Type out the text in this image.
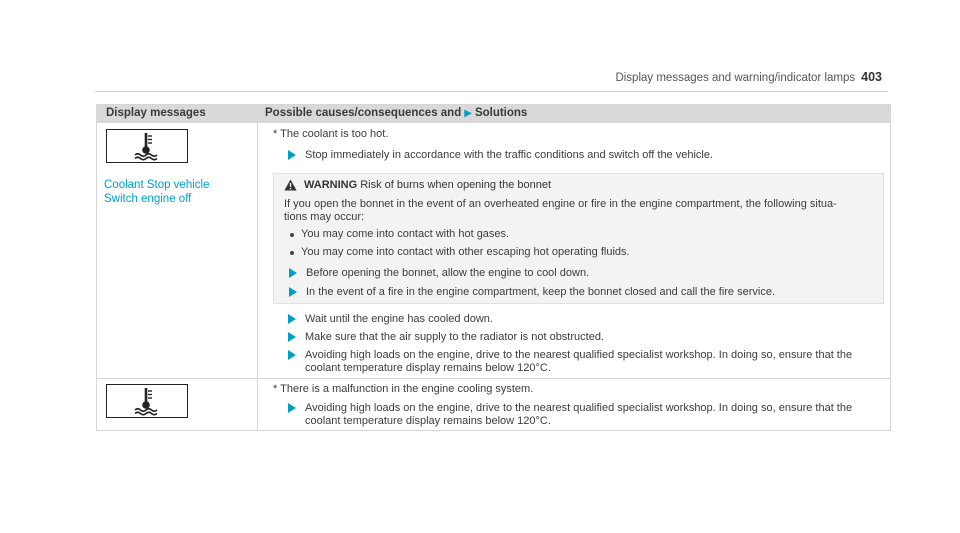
Display messages and warning/indicator lamps 403
Display messages	Possible causes/consequences and ▶ Solutions
Coolant Stop vehicle
Switch engine off
* The coolant is too hot.
Stop immediately in accordance with the traffic conditions and switch off the vehicle.
WARNING Risk of burns when opening the bonnet
If you open the bonnet in the event of an overheated engine or fire in the engine compartment, the following situa-
tions may occur:
You may come into contact with hot gases.
You may come into contact with other escaping hot operating fluids.
Before opening the bonnet, allow the engine to cool down.
In the event of a fire in the engine compartment, keep the bonnet closed and call the fire service.
Wait until the engine has cooled down.
Make sure that the air supply to the radiator is not obstructed.
Avoiding high loads on the engine, drive to the nearest qualified specialist workshop. In doing so, ensure that the
coolant temperature display remains below 120°C.
* There is a malfunction in the engine cooling system.
Avoiding high loads on the engine, drive to the nearest qualified specialist workshop. In doing so, ensure that the
coolant temperature display remains below 120°C.
